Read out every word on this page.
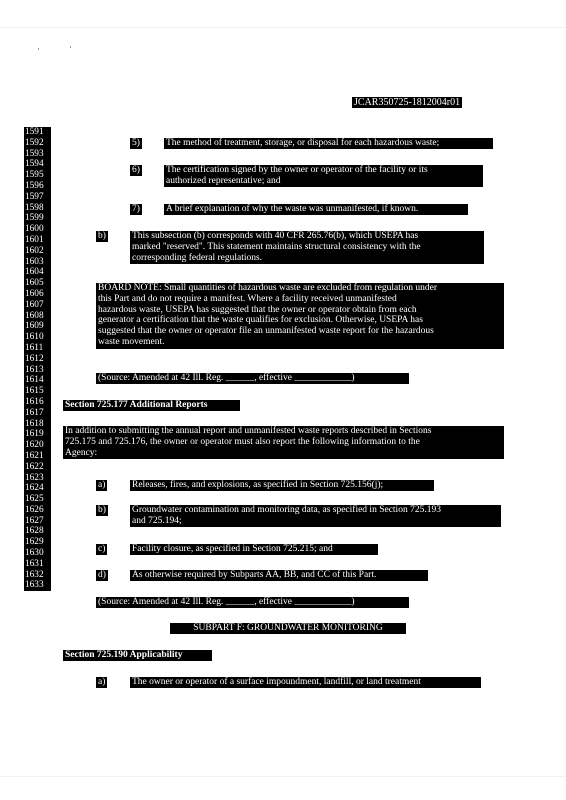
JCAR350725-1812004r01
1591
1592
1593
1594
1595
1596
1597
1598
1599
1600
1601
1602
1603
1604
1605
1606
1607
1608
1609
1610
1611
1612
1613
1614
1615
1616
1617
1618
1619
1620
1621
1622
1623
1624
1625
1626
1627
1628
1629
1630
1631
1632
1633
5)	The method of treatment, storage, or disposal for each hazardous waste;
6)	The certification signed by the owner or operator of the facility or its
authorized representative; and
7)	A brief explanation of why the waste was unmanifested, if known.
b)	This subsection (b) corresponds with 40 CFR 265.76(b), which USEPA has
marked "reserved". This statement maintains structural consistency with the
corresponding federal regulations.
BOARD NOTE: Small quantities of hazardous waste are excluded from regulation under
this Part and do not require a manifest. Where a facility received unmanifested
hazardous waste, USEPA has suggested that the owner or operator obtain from each
generator a certification that the waste qualifies for exclusion. Otherwise, USEPA has
suggested that the owner or operator file an unmanifested waste report for the hazardous
waste movement.
(Source: Amended at 42 Ill. Reg. ______, effective ____________)
Section 725.177 Additional Reports
In addition to submitting the annual report and unmanifested waste reports described in Sections
725.175 and 725.176, the owner or operator must also report the following information to the
Agency:
a)	Releases, fires, and explosions, as specified in Section 725.156(j);
b)	Groundwater contamination and monitoring data, as specified in Section 725.193
and 725.194;
c)	Facility closure, as specified in Section 725.215; and
d)	As otherwise required by Subparts AA, BB, and CC of this Part.
(Source: Amended at 42 Ill. Reg. ______, effective ____________)
SUBPART F: GROUNDWATER MONITORING
Section 725.190 Applicability
a)	The owner or operator of a surface impoundment, landfill, or land treatment
